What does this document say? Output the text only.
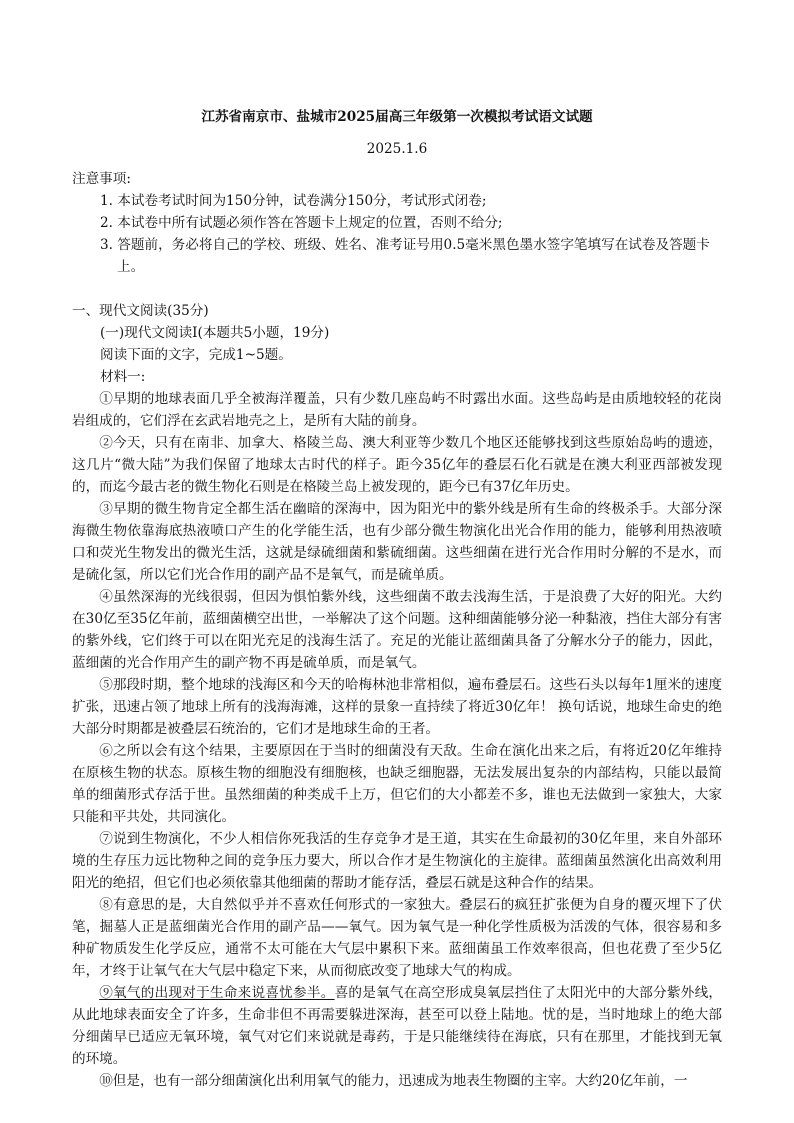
江苏省南京市、盐城市2025届高三年级第一次模拟考试语文试题
2025.1.6
注意事项:
1. 本试卷考试时间为150分钟，试卷满分150分，考试形式闭卷;
2. 本试卷中所有试题必须作答在答题卡上规定的位置，否则不给分;
3. 答题前，务必将自己的学校、班级、姓名、准考证号用0.5毫米黑色墨水签字笔填写在试卷及答题卡上。
一、现代文阅读(35分)
(一)现代文阅读Ⅰ(本题共5小题，19分)
阅读下面的文字，完成1~5题。
材料一:

①早期的地球表面几乎全被海洋覆盖，只有少数几座岛屿不时露出水面。这些岛屿是由质地较轻的花岗岩组成的，它们浮在玄武岩地壳之上，是所有大陆的前身。

②今天，只有在南非、加拿大、格陵兰岛、澳大利亚等少数几个地区还能够找到这些原始岛屿的遗迹，这几片“微大陆”为我们保留了地球太古时代的样子。距今35亿年的叠层石化石就是在澳大利亚西部被发现的，而迄今最古老的微生物化石则是在格陵兰岛上被发现的，距今已有37亿年历史。

③早期的微生物肯定全都生活在幽暗的深海中，因为阳光中的紫外线是所有生命的终极杀手。大部分深海微生物依靠海底热液喷口产生的化学能生活，也有少部分微生物演化出光合作用的能力，能够利用热液喷口和荧光生物发出的微光生活，这就是绿硫细菌和紫硫细菌。这些细菌在进行光合作用时分解的不是水，而是硫化氢，所以它们光合作用的副产品不是氧气，而是硫单质。

④虽然深海的光线很弱，但因为惧怕紫外线，这些细菌不敢去浅海生活，于是浪费了大好的阳光。大约在30亿至35亿年前，蓝细菌横空出世，一举解决了这个问题。这种细菌能够分泌一种黏液，挡住大部分有害的紫外线，它们终于可以在阳光充足的浅海生活了。充足的光能让蓝细菌具备了分解水分子的能力，因此，蓝细菌的光合作用产生的副产物不再是硫单质，而是氧气。

⑤那段时期，整个地球的浅海区和今天的哈梅林池非常相似，遍布叠层石。这些石头以每年1厘米的速度扩张，迅速占领了地球上所有的浅海海滩，这样的景象一直持续了将近30亿年！ 换句话说，地球生命史的绝大部分时期都是被叠层石统治的，它们才是地球生命的王者。

⑥之所以会有这个结果，主要原因在于当时的细菌没有天敌。生命在演化出来之后，有将近20亿年维持在原核生物的状态。原核生物的细胞没有细胞核，也缺乏细胞器，无法发展出复杂的内部结构，只能以最简单的细菌形式存活于世。虽然细菌的种类成千上万，但它们的大小都差不多，谁也无法做到一家独大，大家只能和平共处，共同演化。

⑦说到生物演化，不少人相信你死我活的生存竞争才是王道，其实在生命最初的30亿年里，来自外部环境的生存压力远比物种之间的竞争压力要大，所以合作才是生物演化的主旋律。蓝细菌虽然演化出高效利用阳光的绝招，但它们也必须依靠其他细菌的帮助才能存活，叠层石就是这种合作的结果。

⑧有意思的是，大自然似乎并不喜欢任何形式的一家独大。叠层石的疯狂扩张便为自身的覆灭埋下了伏笔，掘墓人正是蓝细菌光合作用的副产品——氧气。因为氧气是一种化学性质极为活泼的气体，很容易和多种矿物质发生化学反应，通常不太可能在大气层中累积下来。蓝细菌虽工作效率很高，但也花费了至少5亿年，才终于让氧气在大气层中稳定下来，从而彻底改变了地球大气的构成。

⑨氧气的出现对于生命来说喜忧参半。喜的是氧气在高空形成臭氧层挡住了太阳光中的大部分紫外线，从此地球表面安全了许多，生命非但不再需要躲进深海，甚至可以登上陆地。忧的是，当时地球上的绝大部分细菌早已适应无氧环境，氧气对它们来说就是毒药，于是只能继续待在海底，只有在那里，才能找到无氧的环境。

⑩但是，也有一部分细菌演化出利用氧气的能力，迅速成为地表生物圈的主宰。大约20亿年前，一
